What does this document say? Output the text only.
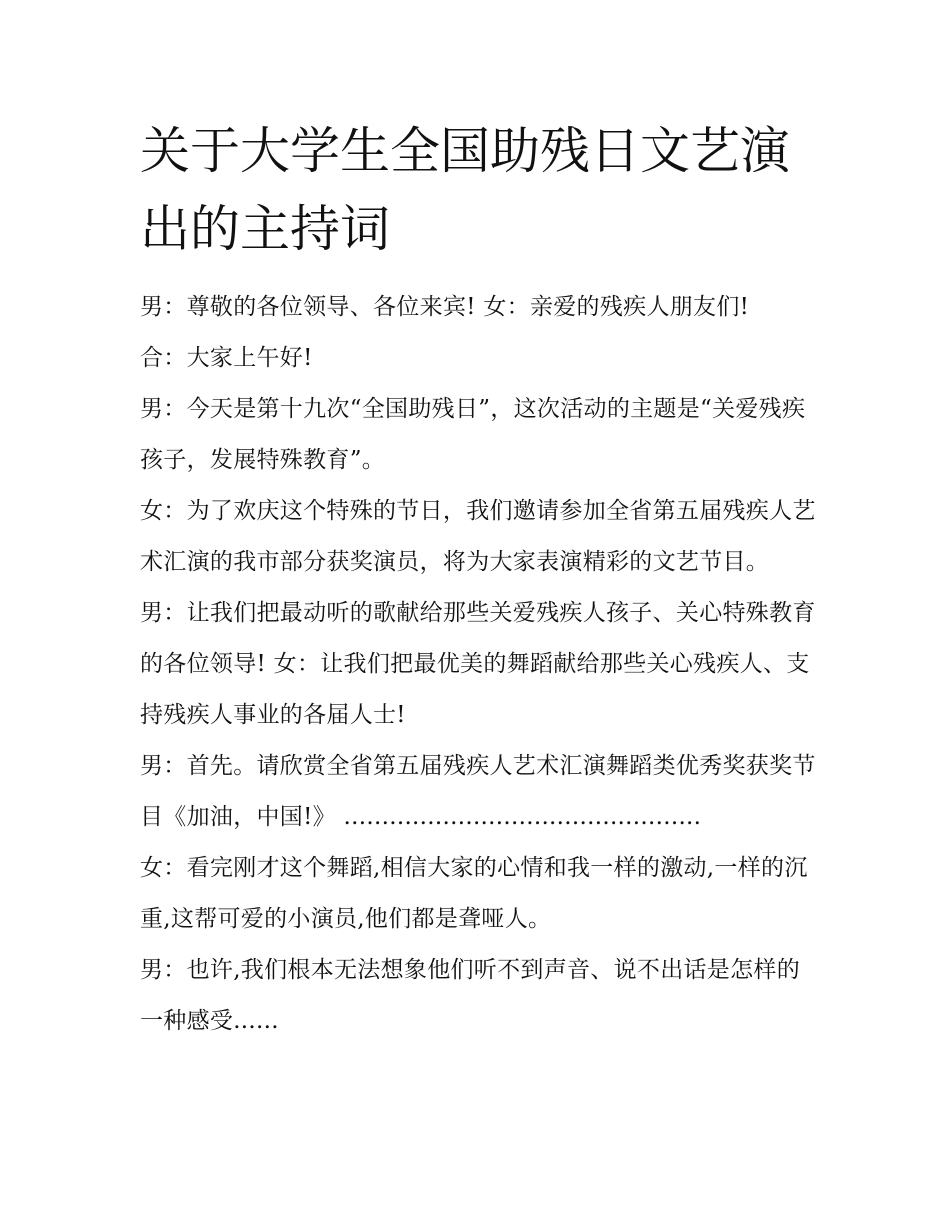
关于大学生全国助残日文艺演出的主持词

男：尊敬的各位领导、各位来宾! 女：亲爱的残疾人朋友们!

合：大家上午好!

男：今天是第十九次“全国助残日”，这次活动的主题是“关爱残疾孩子，发展特殊教育”。

女：为了欢庆这个特殊的节日，我们邀请参加全省第五届残疾人艺术汇演的我市部分获奖演员，将为大家表演精彩的文艺节目。

男：让我们把最动听的歌献给那些关爱残疾人孩子、关心特殊教育的各位领导! 女：让我们把最优美的舞蹈献给那些关心残疾人、支持残疾人事业的各届人士!

男：首先。请欣赏全省第五届残疾人艺术汇演舞蹈类优秀奖获奖节目《加油，中国!》 ...............................................

女：看完刚才这个舞蹈,相信大家的心情和我一样的激动,一样的沉重,这帮可爱的小演员,他们都是聋哑人。

男：也许,我们根本无法想象他们听不到声音、说不出话是怎样的一种感受......
